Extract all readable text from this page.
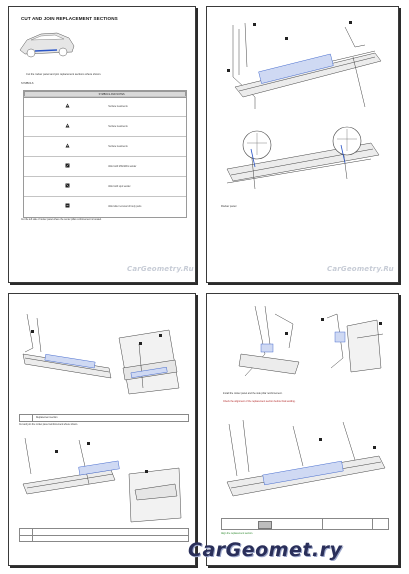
CUT AND JOIN REPLACEMENT SECTIONS
Cut the rocker panel and join replacement sections where shown.
SYMBOLS
SYMBOLS AND NOTES
Surface treatments
Surface treatments
Surface treatments
Weld with MIG/MAG welder
Weld with spot welder
Weld after removal of body parts
Cut the left side of rocker panel where the center pillar reinforcement is located.
CarGeometry.Ru
Rocker panel
CarGeometry.Ru
Replacement section
Cut and join the rocker panel reinforcement where shown.
Install the rocker panel and the side pillar reinforcement.
Check the alignment of the replacement section before final welding.
Align the replacement section.
CarGeomet.ry
